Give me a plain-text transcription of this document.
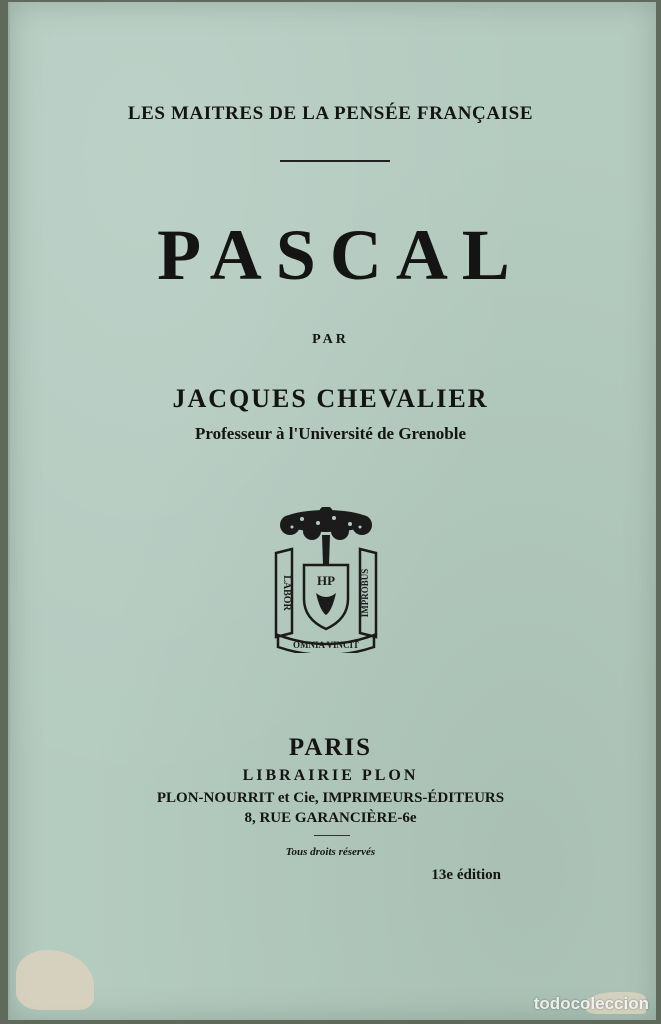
LES MAITRES DE LA PENSÉE FRANÇAISE
PASCAL
PAR
JACQUES CHEVALIER
Professeur à l'Université de Grenoble
LABOR	IMPROBUS
HP
OMNIA VINCIT
PARIS
LIBRAIRIE PLON
PLON-NOURRIT et Cie, IMPRIMEURS-ÉDITEURS
8, RUE GARANCIÈRE-6e
Tous droits réservés
13e édition
todocoleccion
